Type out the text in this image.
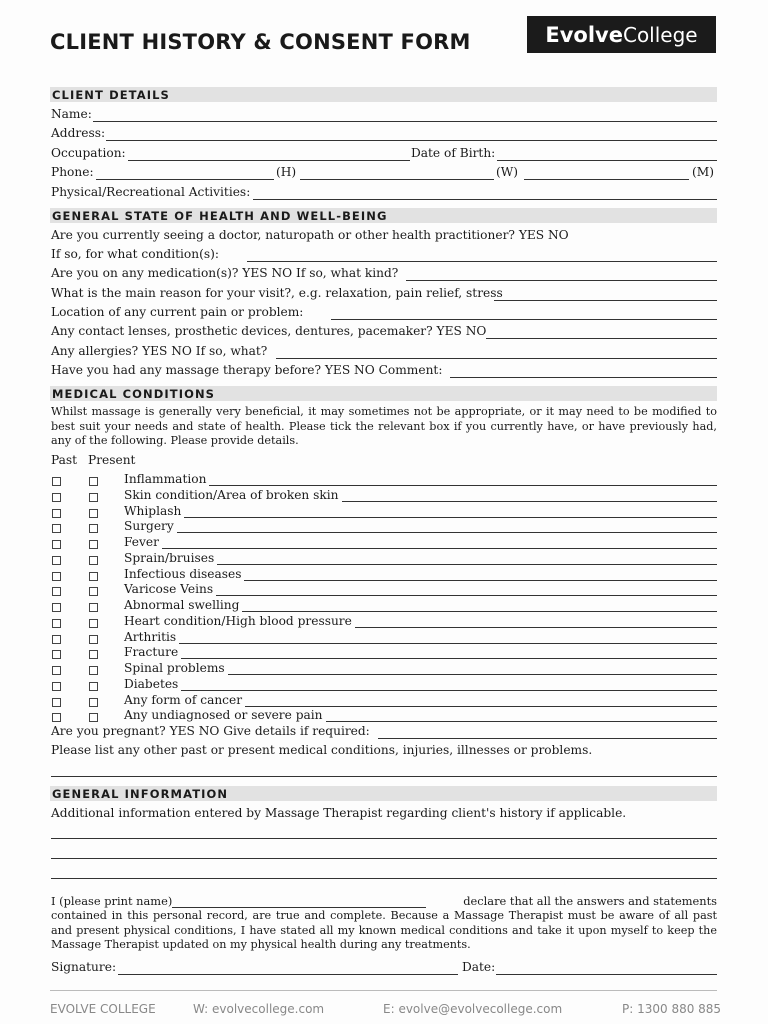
CLIENT HISTORY & CONSENT FORM	Evolve College
CLIENT DETAILS
Name:
Address:
Occupation:	Date of Birth:
Phone:	(H)	(W)	(M)
Physical/Recreational Activities:
GENERAL STATE OF HEALTH AND WELL-BEING
Are you currently seeing a doctor, naturopath or other health practitioner? YES NO
If so, for what condition(s):
Are you on any medication(s)? YES NO If so, what kind?
What is the main reason for your visit?, e.g. relaxation, pain relief, stress
Location of any current pain or problem:
Any contact lenses, prosthetic devices, dentures, pacemaker? YES NO
Any allergies? YES NO If so, what?
Have you had any massage therapy before? YES NO Comment:
MEDICAL CONDITIONS
Whilst massage is generally very beneficial, it may sometimes not be appropriate, or it may need to be modified to best suit your needs and state of health. Please tick the relevant box if you currently have, or have previously had, any of the following. Please provide details.
Past Present
Inflammation
Skin condition/Area of broken skin
Whiplash
Surgery
Fever
Sprain/bruises
Infectious diseases
Varicose Veins
Abnormal swelling
Heart condition/High blood pressure
Arthritis
Fracture
Spinal problems
Diabetes
Any form of cancer
Any undiagnosed or severe pain
Are you pregnant? YES NO Give details if required:
Please list any other past or present medical conditions, injuries, illnesses or problems.
GENERAL INFORMATION
Additional information entered by Massage Therapist regarding client's history if applicable.
I (please print name)	declare that all the answers and statements
contained in this personal record, are true and complete. Because a Massage Therapist must be aware of all past and present physical conditions, I have stated all my known medical conditions and take it upon myself to keep the Massage Therapist updated on my physical health during any treatments.
Signature:	Date:
EVOLVE COLLEGE	W: evolvecollege.com	E: evolve@evolvecollege.com	P: 1300 880 885
